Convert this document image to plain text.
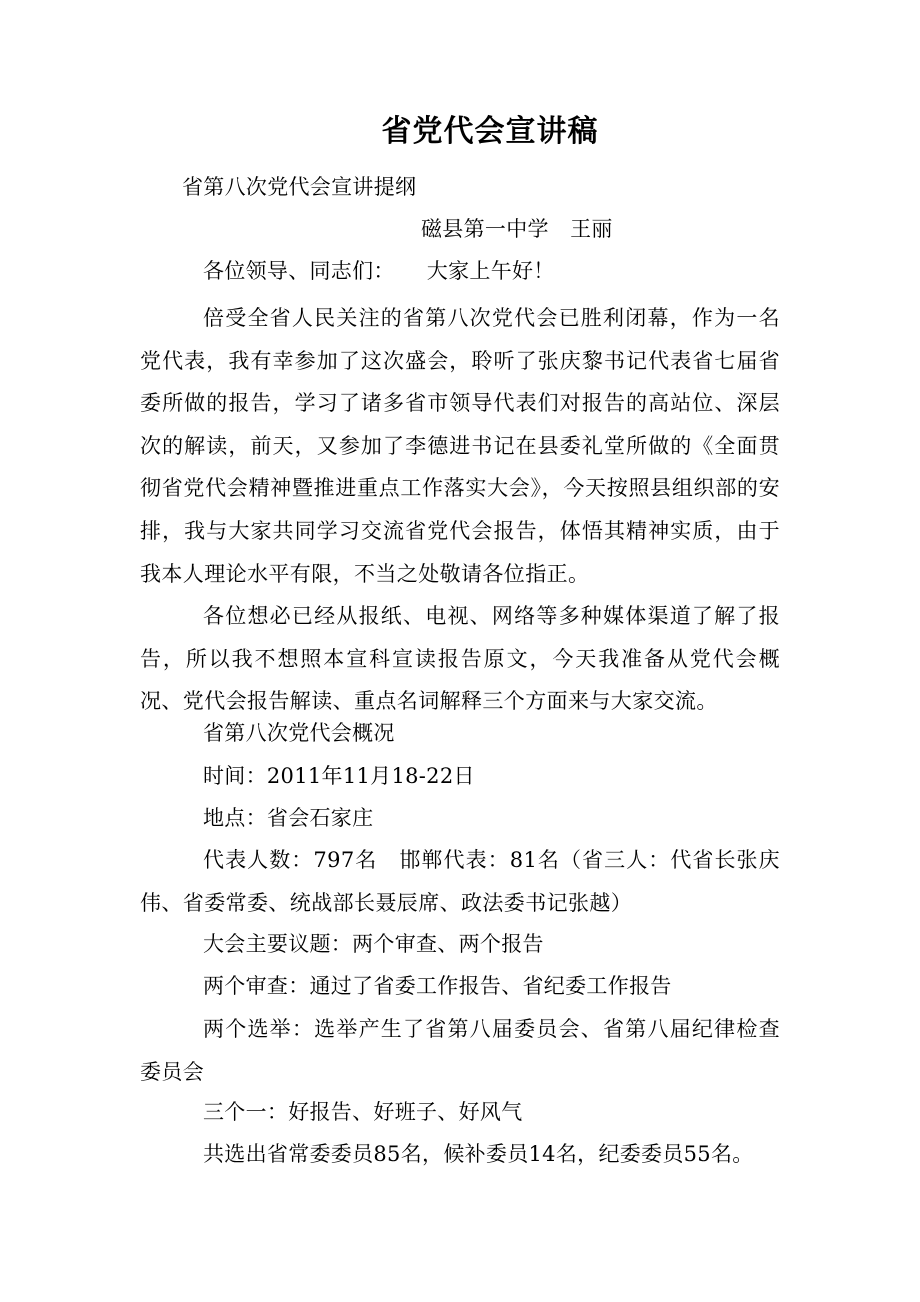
省党代会宣讲稿
省第八次党代会宣讲提纲
磁县第一中学　王丽
各位领导、同志们：　　大家上午好！

倍受全省人民关注的省第八次党代会已胜利闭幕，作为一名党代表，我有幸参加了这次盛会，聆听了张庆黎书记代表省七届省委所做的报告，学习了诸多省市领导代表们对报告的高站位、深层次的解读，前天，又参加了李德进书记在县委礼堂所做的《全面贯彻省党代会精神暨推进重点工作落实大会》，今天按照县组织部的安排，我与大家共同学习交流省党代会报告，体悟其精神实质，由于我本人理论水平有限，不当之处敬请各位指正。

各位想必已经从报纸、电视、网络等多种媒体渠道了解了报告，所以我不想照本宣科宣读报告原文，今天我准备从党代会概况、党代会报告解读、重点名词解释三个方面来与大家交流。

省第八次党代会概况
时间：2011年11月18-22日
地点：省会石家庄

代表人数：797名　邯郸代表：81名（省三人：代省长张庆伟、省委常委、统战部长聂辰席、政法委书记张越）

大会主要议题：两个审查、两个报告
两个审查：通过了省委工作报告、省纪委工作报告

两个选举：选举产生了省第八届委员会、省第八届纪律检查委员会

三个一：好报告、好班子、好风气
共选出省常委委员85名，候补委员14名，纪委委员55名。
